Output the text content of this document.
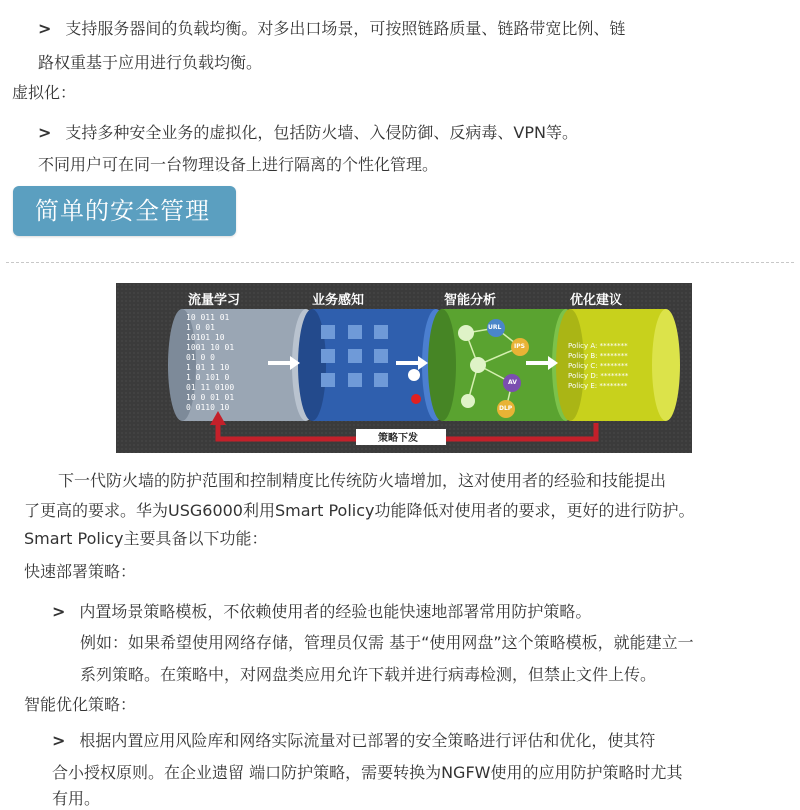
> 支持服务器间的负载均衡。对多出口场景，可按照链路质量、链路带宽比例、链
路权重基于应用进行负载均衡。
虚拟化：
> 支持多种安全业务的虚拟化，包括防火墙、入侵防御、反病毒、VPN等。
不同用户可在同一台物理设备上进行隔离的个性化管理。
简单的安全管理
流量学习	业务感知	智能分析	优化建议
10 011 01
1 0 01
10101 10
1001 10 01
01 0 0
1 01 1 10
1 0 101 0
01 11 0100
10 0 01 01
0 0110 10
URL
IPS
AV
DLP
Policy A: ********
Policy B: ********
Policy C: ********
Policy D: ********
Policy E: ********
策略下发
下一代防火墙的防护范围和控制精度比传统防火墙增加，这对使用者的经验和技能提出
了更高的要求。华为USG6000利用Smart Policy功能降低对使用者的要求，更好的进行防护。
Smart Policy主要具备以下功能：
快速部署策略：
> 内置场景策略模板，不依赖使用者的经验也能快速地部署常用防护策略。
例如：如果希望使用网络存储，管理员仅需 基于“使用网盘”这个策略模板，就能建立一
系列策略。在策略中，对网盘类应用允许下载并进行病毒检测，但禁止文件上传。
智能优化策略：
> 根据内置应用风险库和网络实际流量对已部署的安全策略进行评估和优化，使其符
合小授权原则。在企业遗留 端口防护策略，需要转换为NGFW使用的应用防护策略时尤其
有用。
